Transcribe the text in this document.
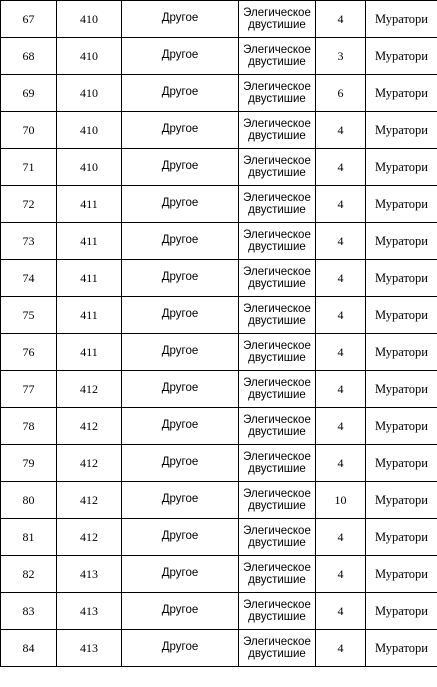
67	410	Другое	Элегическое
двустишие	4	Муратори
68	410	Другое	Элегическое
двустишие	3	Муратори
69	410	Другое	Элегическое
двустишие	6	Муратори
70	410	Другое	Элегическое
двустишие	4	Муратори
71	410	Другое	Элегическое
двустишие	4	Муратори
72	411	Другое	Элегическое
двустишие	4	Муратори
73	411	Другое	Элегическое
двустишие	4	Муратори
74	411	Другое	Элегическое
двустишие	4	Муратори
75	411	Другое	Элегическое
двустишие	4	Муратори
76	411	Другое	Элегическое
двустишие	4	Муратори
77	412	Другое	Элегическое
двустишие	4	Муратори
78	412	Другое	Элегическое
двустишие	4	Муратори
79	412	Другое	Элегическое
двустишие	4	Муратори
80	412	Другое	Элегическое
двустишие	10	Муратори
81	412	Другое	Элегическое
двустишие	4	Муратори
82	413	Другое	Элегическое
двустишие	4	Муратори
83	413	Другое	Элегическое
двустишие	4	Муратори
84	413	Другое	Элегическое
двустишие	4	Муратори
